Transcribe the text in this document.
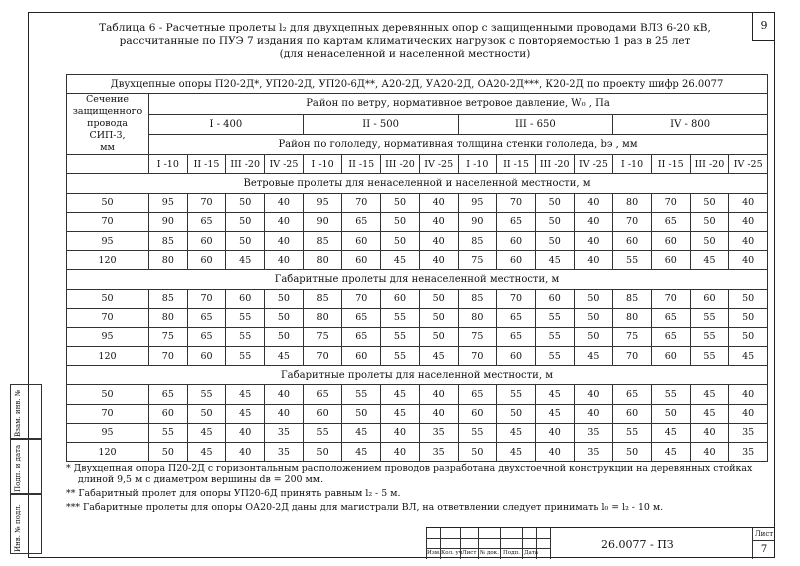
9
Таблица 6 - Расчетные пролеты l₂ для двухцепных деревянных опор с защищенными проводами ВЛЗ 6-20 кВ,
рассчитанные по ПУЭ 7 издания по картам климатических нагрузок с повторяемостью 1 раз в 25 лет
(для ненаселенной и населенной местности)
Двухцепные опоры П20-2Д*, УП20-2Д, УП20-6Д**, А20-2Д, УА20-2Д, ОА20-2Д***, К20-2Д по проекту шифр 26.0077																

Сечение
защищенного
провода
СИП-3,
мм	Район по ветру, нормативное ветровое давление, W₀ , Па															
	I - 400				II - 500				III - 650				IV - 800			
	Район по гололеду, нормативная толщина стенки гололеда, bэ , мм															
	I -10	II -15	III -20	IV -25	I -10	II -15	III -20	IV -25	I -10	II -15	III -20	IV -25	I -10	II -15	III -20	IV -25
Ветровые пролеты для ненаселенной и населенной местности, м																
50	95	70	50	40	95	70	50	40	95	70	50	40	80	70	50	40
70	90	65	50	40	90	65	50	40	90	65	50	40	70	65	50	40
95	85	60	50	40	85	60	50	40	85	60	50	40	60	60	50	40
120	80	60	45	40	80	60	45	40	75	60	45	40	55	60	45	40
Габаритные пролеты для ненаселенной местности, м																
50	85	70	60	50	85	70	60	50	85	70	60	50	85	70	60	50
70	80	65	55	50	80	65	55	50	80	65	55	50	80	65	55	50
95	75	65	55	50	75	65	55	50	75	65	55	50	75	65	55	50
120	70	60	55	45	70	60	55	45	70	60	55	45	70	60	55	45
Габаритные пролеты для населенной местности, м																
50	65	55	45	40	65	55	45	40	65	55	45	40	65	55	45	40
70	60	50	45	40	60	50	45	40	60	50	45	40	60	50	45	40
95	55	45	40	35	55	45	40	35	55	45	40	35	55	45	40	35
120	50	45	40	35	50	45	40	35	50	45	40	35	50	45	40	35
* Двухцепная опора П20-2Д с горизонтальным расположением проводов разработана двухстоечной конструкции на деревянных стойках
длиной 9,5 м с диаметром вершины dв = 200 мм.
** Габаритный пролет для опоры УП20-6Д принять равным l₂ - 5 м.
*** Габаритные пролеты для опоры ОА20-2Д даны для магистрали ВЛ, на ответвлении следует принимать l₀ = l₂ - 10 м.
Взам. инв. №
Подп. и дата
Инв. № подл.
Изм. Кол. уч Лист № док. Подп. Дата
26.0077 - ПЗ
Лист
7
